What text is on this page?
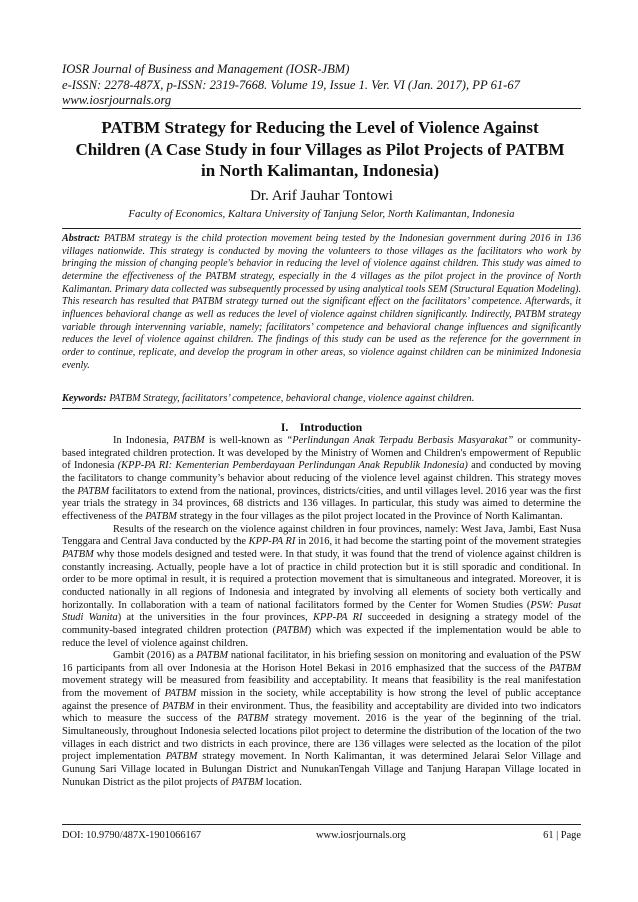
IOSR Journal of Business and Management (IOSR-JBM)
e-ISSN: 2278-487X, p-ISSN: 2319-7668. Volume 19, Issue 1. Ver. VI (Jan. 2017), PP 61-67
www.iosrjournals.org
PATBM Strategy for Reducing the Level of Violence Against Children (A Case Study in four Villages as Pilot Projects of PATBM in North Kalimantan, Indonesia)
Dr. Arif Jauhar Tontowi
Faculty of Economics, Kaltara University of Tanjung Selor, North Kalimantan, Indonesia
Abstract: PATBM strategy is the child protection movement being tested by the Indonesian government during 2016 in 136 villages nationwide. This strategy is conducted by moving the volunteers to those villages as the facilitators who work by bringing the mission of changing people's behavior in reducing the level of violence against children. This study was aimed to determine the effectiveness of the PATBM strategy, especially in the 4 villages as the pilot project in the province of North Kalimantan. Primary data collected was subsequently processed by using analytical tools SEM (Structural Equation Modeling). This research has resulted that PATBM strategy turned out the significant effect on the facilitators’ competence. Afterwards, it influences behavioral change as well as reduces the level of violence against children significantly. Indirectly, PATBM strategy variable through intervenning variable, namely; facilitators’ competence and behavioral change influences and significantly reduces the level of violence against children. The findings of this study can be used as the reference for the government in order to continue, replicate, and develop the program in other areas, so violence against children can be minimized Indonesia evenly.
Keywords: PATBM Strategy, facilitators’ competence, behavioral change, violence against children.
I. Introduction

In Indonesia, PATBM is well-known as “Perlindungan Anak Terpadu Berbasis Masyarakat” or community-based integrated children protection. It was developed by the Ministry of Women and Children's empowerment of Republic of Indonesia (KPP-PA RI: Kementerian Pemberdayaan Perlindungan Anak Republik Indonesia) and conducted by moving the facilitators to change community’s behavior about reducing of the violence level against children. This strategy moves the PATBM facilitators to extend from the national, provinces, districts/cities, and until villages level. 2016 year was the first year trials the strategy in 34 provinces, 68 districts and 136 villages. In particular, this study was aimed to determine the effectiveness of the PATBM strategy in the four villages as the pilot project located in the Province of North Kalimantan.

Results of the research on the violence against children in four provinces, namely: West Java, Jambi, East Nusa Tenggara and Central Java conducted by the KPP-PA RI in 2016, it had become the starting point of the movement strategies PATBM why those models designed and tested were. In that study, it was found that the trend of violence against children is constantly increasing. Actually, people have a lot of practice in child protection but it is still sporadic and conditional. In order to be more optimal in result, it is required a protection movement that is simultaneous and integrated. Moreover, it is conducted nationally in all regions of Indonesia and integrated by involving all elements of society both vertically and horizontally. In collaboration with a team of national facilitators formed by the Center for Women Studies (PSW: Pusat Studi Wanita) at the universities in the four provinces, KPP-PA RI succeeded in designing a strategy model of the community-based integrated children protection (PATBM) which was expected if the implementation would be able to reduce the level of violence against children.

Gambit (2016) as a PATBM national facilitator, in his briefing session on monitoring and evaluation of the PSW 16 participants from all over Indonesia at the Horison Hotel Bekasi in 2016 emphasized that the success of the PATBM movement strategy will be measured from feasibility and acceptability. It means that feasibility is the real manifestation from the movement of PATBM mission in the society, while acceptability is how strong the level of public acceptance against the presence of PATBM in their environment. Thus, the feasibility and acceptability are divided into two indicators which to measure the success of the PATBM strategy movement. 2016 is the year of the beginning of the trial. Simultaneously, throughout Indonesia selected locations pilot project to determine the distribution of the location of the two villages in each district and two districts in each province, there are 136 villages were selected as the location of the pilot project implementation PATBM strategy movement. In North Kalimantan, it was determined Jelarai Selor Village and Gunung Sari Village located in Bulungan District and NunukanTengah Village and Tanjung Harapan Village located in Nunukan District as the pilot projects of PATBM location.

DOI: 10.9790/487X-1901066167	www.iosrjournals.org	61 | Page
